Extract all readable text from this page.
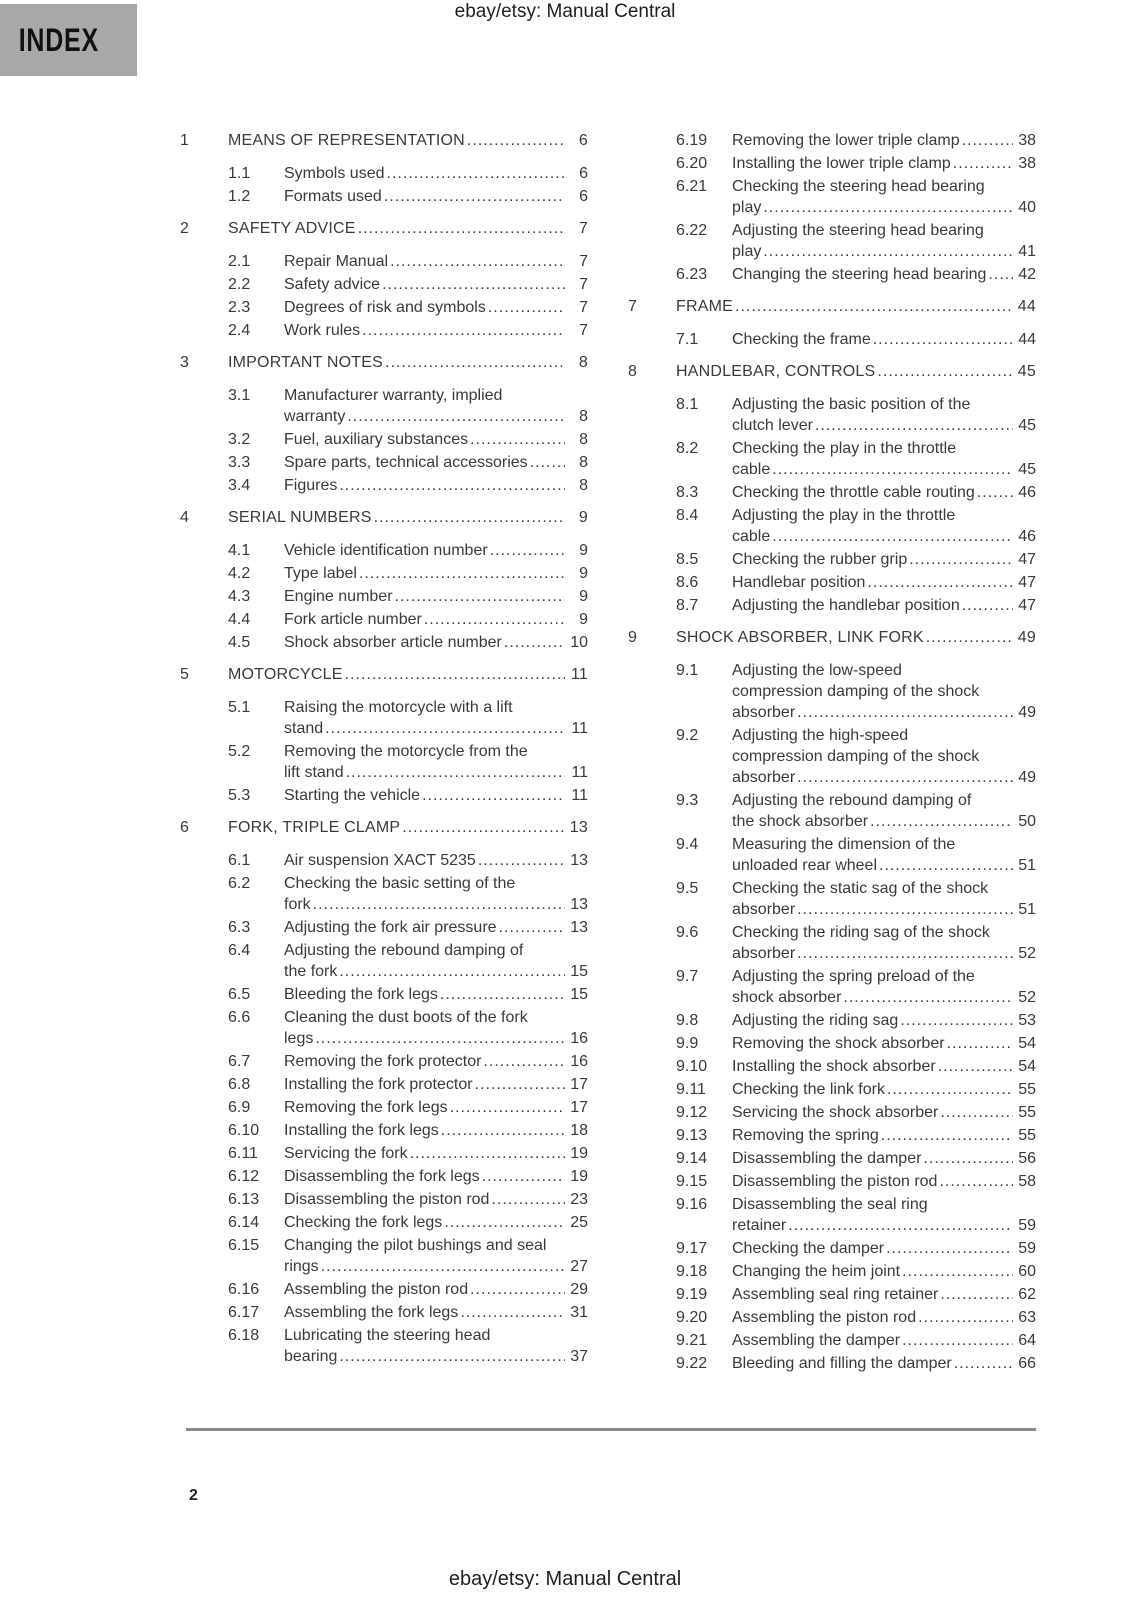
ebay/etsy: Manual Central
INDEX
1	MEANS OF REPRESENTATION .....	6
1.1	Symbols used .....	6
1.2	Formats used .....	6
2	SAFETY ADVICE .....	7
2.1	Repair Manual .....	7
2.2	Safety advice .....	7
2.3	Degrees of risk and symbols .....	7
2.4	Work rules .....	7
3	IMPORTANT NOTES .....	8
3.1	Manufacturer warranty, implied
warranty .....	8
3.2	Fuel, auxiliary substances .....	8
3.3	Spare parts, technical accessories .....	8
3.4	Figures .....	8
4	SERIAL NUMBERS .....	9
4.1	Vehicle identification number .....	9
4.2	Type label .....	9
4.3	Engine number .....	9
4.4	Fork article number .....	9
4.5	Shock absorber article number .....	10
5	MOTORCYCLE .....	11
5.1	Raising the motorcycle with a lift
stand .....	11
5.2	Removing the motorcycle from the
lift stand .....	11
5.3	Starting the vehicle .....	11
6	FORK, TRIPLE CLAMP .....	13
6.1	Air suspension XACT 5235 .....	13
6.2	Checking the basic setting of the
fork .....	13
6.3	Adjusting the fork air pressure .....	13
6.4	Adjusting the rebound damping of
the fork .....	15
6.5	Bleeding the fork legs .....	15
6.6	Cleaning the dust boots of the fork
legs .....	16
6.7	Removing the fork protector .....	16
6.8	Installing the fork protector .....	17
6.9	Removing the fork legs .....	17
6.10	Installing the fork legs .....	18
6.11	Servicing the fork .....	19
6.12	Disassembling the fork legs .....	19
6.13	Disassembling the piston rod .....	23
6.14	Checking the fork legs .....	25
6.15	Changing the pilot bushings and seal
rings .....	27
6.16	Assembling the piston rod .....	29
6.17	Assembling the fork legs .....	31
6.18	Lubricating the steering head
bearing .....	37
6.19	Removing the lower triple clamp .....	38
6.20	Installing the lower triple clamp .....	38
6.21	Checking the steering head bearing
play .....	40
6.22	Adjusting the steering head bearing
play .....	41
6.23	Changing the steering head bearing ..... 42
7	FRAME .....	44
7.1	Checking the frame .....	44
8	HANDLEBAR, CONTROLS .....	45
8.1	Adjusting the basic position of the
clutch lever .....	45
8.2	Checking the play in the throttle
cable .....	45
8.3	Checking the throttle cable routing .....	46
8.4	Adjusting the play in the throttle
cable .....	46
8.5	Checking the rubber grip .....	47
8.6	Handlebar position .....	47
8.7	Adjusting the handlebar position .....	47
9	SHOCK ABSORBER, LINK FORK .....	49
9.1	Adjusting the low-speed
compression damping of the shock
absorber .....	49
9.2	Adjusting the high-speed
compression damping of the shock
absorber .....	49
9.3	Adjusting the rebound damping of
the shock absorber .....	50
9.4	Measuring the dimension of the
unloaded rear wheel .....	51
9.5	Checking the static sag of the shock
absorber .....	51
9.6	Checking the riding sag of the shock
absorber .....	52
9.7	Adjusting the spring preload of the
shock absorber .....	52
9.8	Adjusting the riding sag .....	53
9.9	Removing the shock absorber .....	54
9.10	Installing the shock absorber .....	54
9.11	Checking the link fork .....	55
9.12	Servicing the shock absorber .....	55
9.13	Removing the spring .....	55
9.14	Disassembling the damper .....	56
9.15	Disassembling the piston rod .....	58
9.16	Disassembling the seal ring
retainer .....	59
9.17	Checking the damper .....	59
9.18	Changing the heim joint .....	60
9.19	Assembling seal ring retainer .....	62
9.20	Assembling the piston rod .....	63
9.21	Assembling the damper .....	64
9.22	Bleeding and filling the damper .....	66
2
ebay/etsy: Manual Central
